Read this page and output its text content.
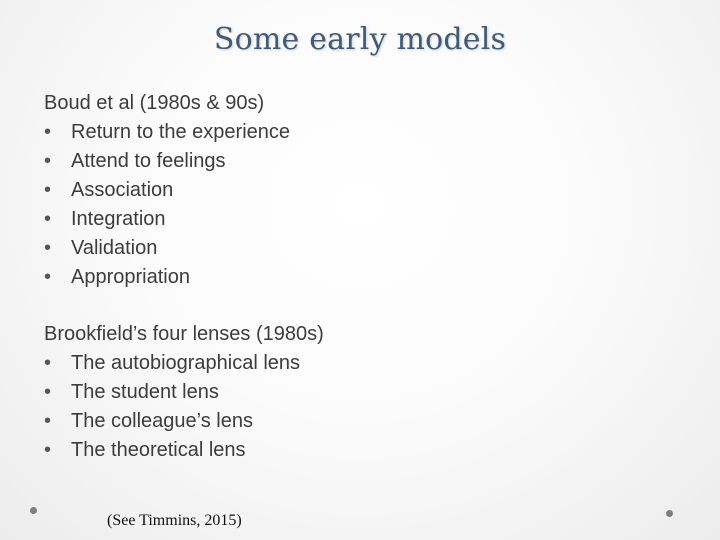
Some early models
Boud et al (1980s & 90s)
• Return to the experience
• Attend to feelings
• Association
• Integration
• Validation
• Appropriation
Brookfield’s four lenses (1980s)
• The autobiographical lens
• The student lens
• The colleague’s lens
• The theoretical lens
(See Timmins, 2015)
